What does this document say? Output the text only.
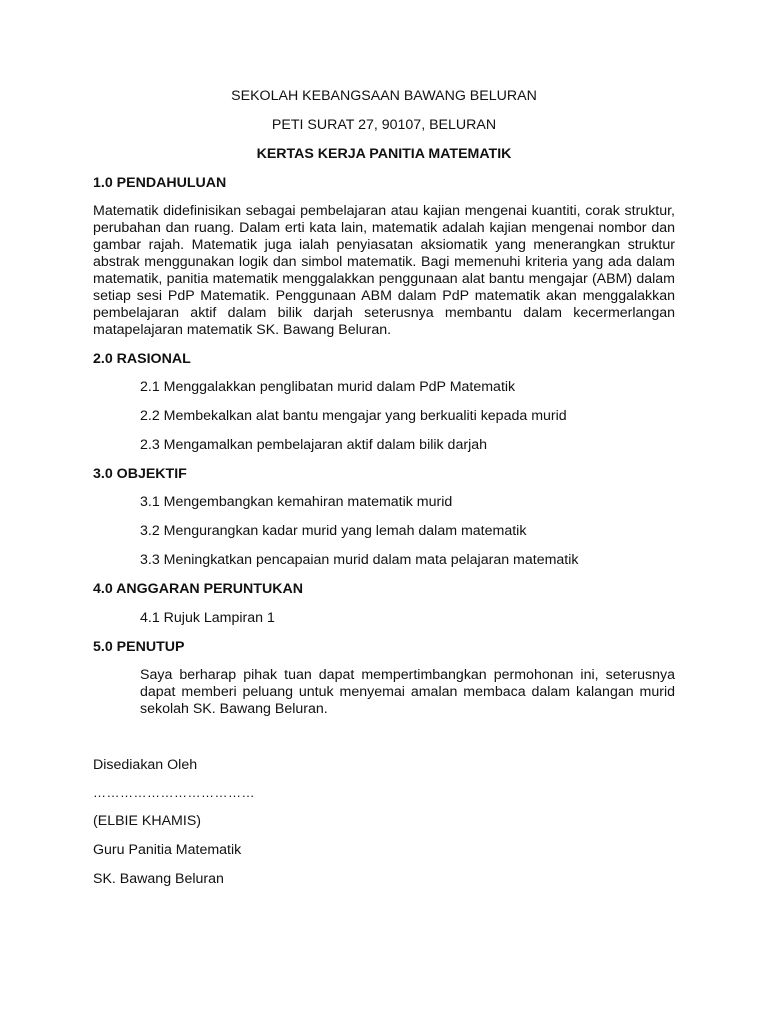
SEKOLAH KEBANGSAAN BAWANG BELURAN

PETI SURAT 27, 90107, BELURAN

KERTAS KERJA PANITIA MATEMATIK

1.0 PENDAHULUAN

Matematik didefinisikan sebagai pembelajaran atau kajian mengenai kuantiti, corak struktur, perubahan dan ruang. Dalam erti kata lain, matematik adalah kajian mengenai nombor dan gambar rajah. Matematik juga ialah penyiasatan aksiomatik yang menerangkan struktur abstrak menggunakan logik dan simbol matematik. Bagi memenuhi kriteria yang ada dalam matematik, panitia matematik menggalakkan penggunaan alat bantu mengajar (ABM) dalam setiap sesi PdP Matematik. Penggunaan ABM dalam PdP matematik akan menggalakkan pembelajaran aktif dalam bilik darjah seterusnya membantu dalam kecermerlangan matapelajaran matematik SK. Bawang Beluran.

2.0 RASIONAL

2.1 Menggalakkan penglibatan murid dalam PdP Matematik

2.2 Membekalkan alat bantu mengajar yang berkualiti kepada murid

2.3 Mengamalkan pembelajaran aktif dalam bilik darjah

3.0 OBJEKTIF

3.1 Mengembangkan kemahiran matematik murid

3.2 Mengurangkan kadar murid yang lemah dalam matematik

3.3 Meningkatkan pencapaian murid dalam mata pelajaran matematik

4.0 ANGGARAN PERUNTUKAN

4.1 Rujuk Lampiran 1

5.0 PENUTUP

Saya berharap pihak tuan dapat mempertimbangkan permohonan ini, seterusnya dapat memberi peluang untuk menyemai amalan membaca dalam kalangan murid sekolah SK. Bawang Beluran.

Disediakan Oleh

………………………………

(ELBIE KHAMIS)

Guru Panitia Matematik

SK. Bawang Beluran
